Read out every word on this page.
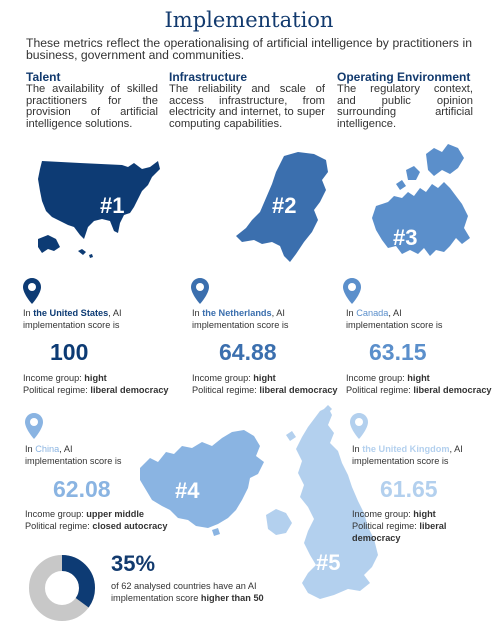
Implementation
These metrics reflect the operationalising of artificial intelligence by practitioners in business, government and communities.
Talent
The availability of skilled practitioners for the provision of artificial intelligence solutions.
Infrastructure
The reliability and scale of access infrastructure, from electricity and internet, to super computing capabilities.
Operating Environment
The regulatory context, and public opinion surrounding artificial intelligence.
#1	#2
#3
#4
#5
In the United States, AI
implementation score is
100
Income group: hight
Political regime: liberal democracy
In the Netherlands, AI
implementation score is
64.88
Income group: hight
Political regime: liberal democracy
In Canada, AI
implementation score is
63.15
Income group: hight
Political regime: liberal democracy
In China, AI
implementation score is
62.08
Income group: upper middle
Political regime: closed autocracy
In the United Kingdom, AI
implementation score is
61.65
Income group: hight
Political regime: liberal democracy
35%
of 62 analysed countries have an AI
implementation score higher than 50
